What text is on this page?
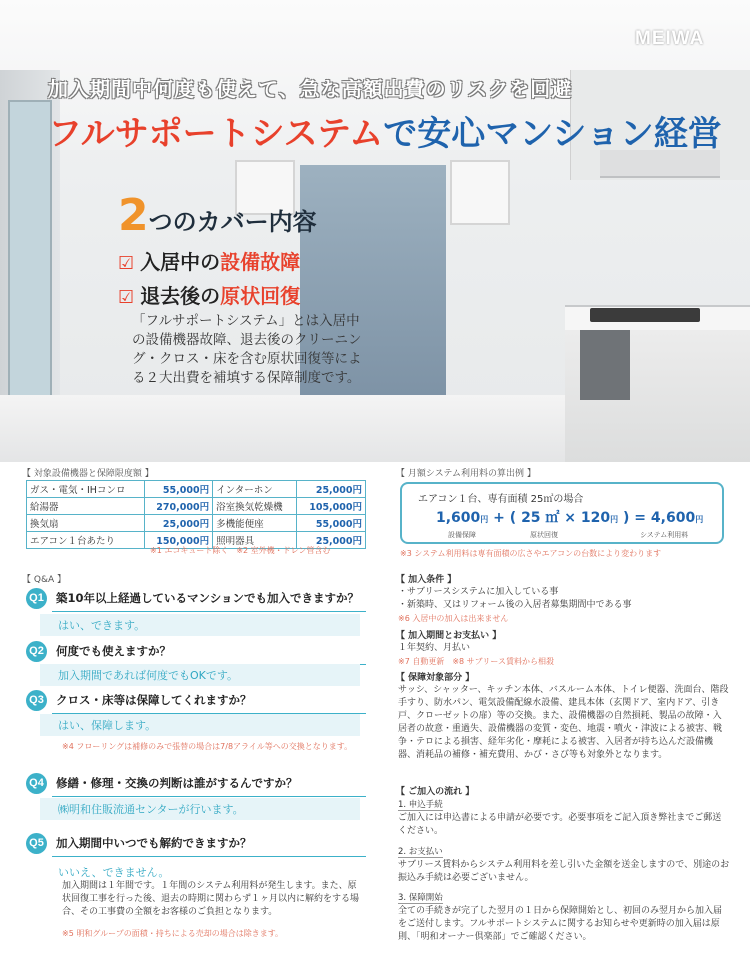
MEIWA
加入期間中何度も使えて、急な高額出費のリスクを回避
フルサポートシステムで安心マンション経営
2つのカバー内容
☑ 入居中の設備故障
☑ 退去後の原状回復
「フルサポートシステム」とは入居中の設備機器故障、退去後のクリーニング・クロス・床を含む原状回復等による２大出費を補填する保障制度です。
【 対象設備機器と保障限度額 】
ガス・電気・IHコンロ	55,000円	インターホン	25,000円
給湯器	270,000円	浴室換気乾燥機	105,000円
換気扇	25,000円	多機能便座	55,000円
エアコン１台あたり	150,000円	照明器具	25,000円
※1 エコキュート除く　※2 室外機・ドレン管含む
【 月額システム利用料の算出例 】
エアコン１台、専有面積 25㎡の場合
1,600円 + ( 25 ㎡ × 120円 ) = 4,600円
設備保障	原状回復	システム利用料
※3 システム利用料は専有面積の広さやエアコンの台数により変わります
【 Q&A 】
Q1 築10年以上経過しているマンションでも加入できますか？
はい、できます。
Q2 何度でも使えますか？
加入期間であれば何度でもOKです。
Q3 クロス・床等は保障してくれますか？
はい、保障します。
※4 フローリングは補修のみで張替の場合は7/8アライル等への交換となります。
Q4 修繕・修理・交換の判断は誰がするんですか？
㈱明和住販流通センターが行います。
Q5 加入期間中いつでも解約できますか？
いいえ、できません。
加入期間は１年間です。１年間のシステム利用料が発生します。また、原状回復工事を行った後、退去の時期に関わらず１ヶ月以内に解約をする場合、その工事費の全額をお客様のご負担となります。
※5 明和グループの面積・持ちによる売却の場合は除きます。
【 加入条件 】
・サブリースシステムに加入している事
・新築時、又はリフォーム後の入居者募集期間中である事
※6 入居中の加入は出来ません
【 加入期間とお支払い 】
１年契約、月払い
※7 自動更新　※8 サブリース賃料から相殺
【 保障対象部分 】
サッシ、シャッター、キッチン本体、バスルーム本体、トイレ便器、洗面台、階段手すり、防水パン、電気設備配線水設備、建具本体（玄関ドア、室内ドア、引き戸、クローゼットの扉）等の交換。また、設備機器の自然損耗、製品の故障・入居者の故意・重過失、設備機器の変質・変色、地震・噴火・津波による被害、戦争・テロによる損害、経年劣化・摩耗による被害、入居者が持ち込んだ設備機器、消耗品の補修・補充費用、かび・さび等も対象外となります。
【 ご加入の流れ 】
1. 申込手続
ご加入には申込書による申請が必要です。必要事項をご記入頂き弊社までご郵送ください。
2. お支払い
サブリース賃料からシステム利用料を差し引いた金額を送金しますので、別途のお振込み手続は必要ございません。
3. 保障開始
全ての手続きが完了した翌月の１日から保障開始とし、初回のみ翌月から加入届をご送付します。フルサポートシステムに関するお知らせや更新時の加入届は原則、「明和オーナー倶楽部」でご確認ください。
